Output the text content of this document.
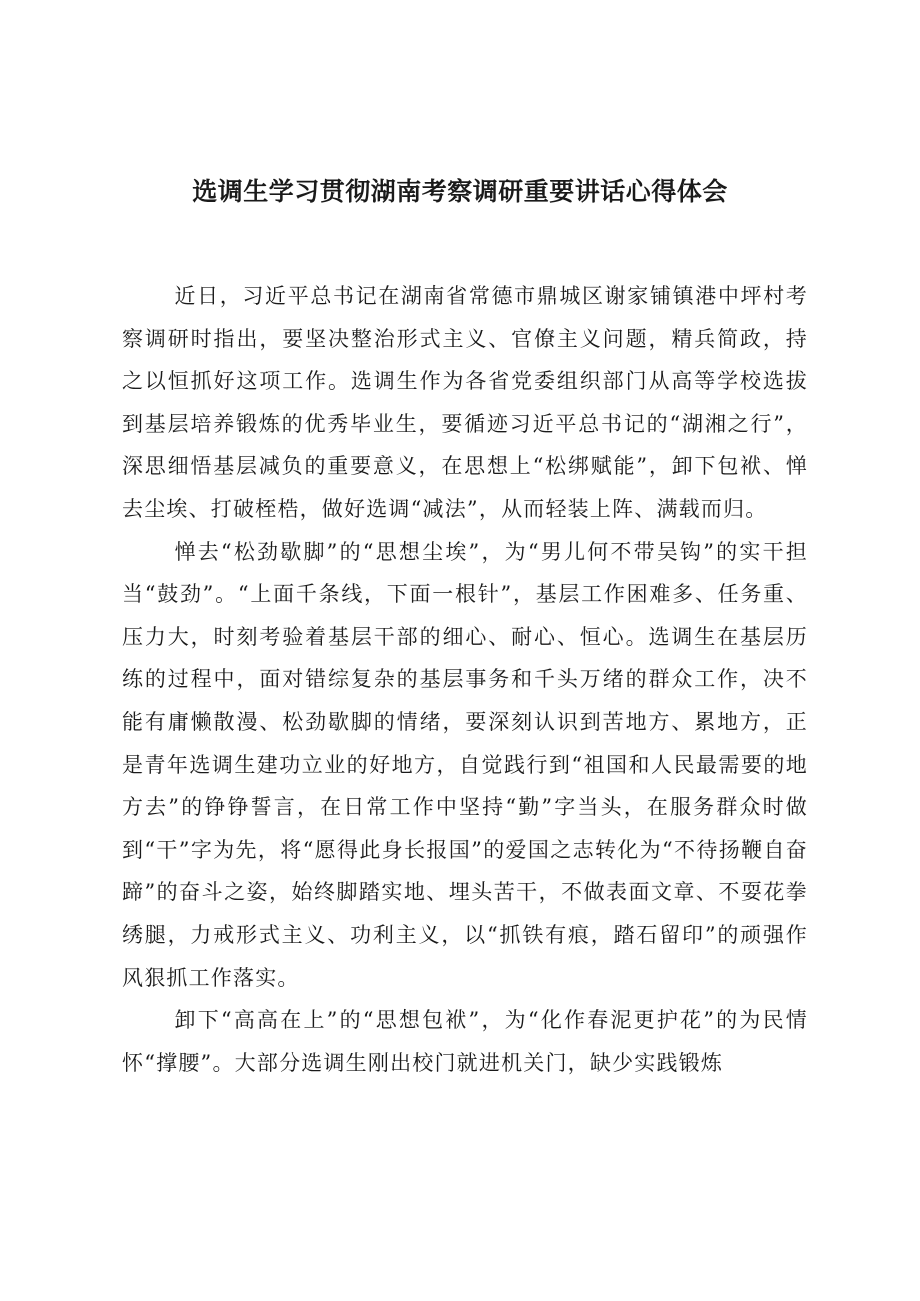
选调生学习贯彻湖南考察调研重要讲话心得体会

近日，习近平总书记在湖南省常德市鼎城区谢家铺镇港中坪村考察调研时指出，要坚决整治形式主义、官僚主义问题，精兵简政，持之以恒抓好这项工作。选调生作为各省党委组织部门从高等学校选拔到基层培养锻炼的优秀毕业生，要循迹习近平总书记的“湖湘之行”，深思细悟基层减负的重要意义，在思想上“松绑赋能”，卸下包袱、惮去尘埃、打破桎梏，做好选调“减法”，从而轻装上阵、满载而归。

惮去“松劲歇脚”的“思想尘埃”，为“男儿何不带吴钩”的实干担当“鼓劲”。“上面千条线，下面一根针”，基层工作困难多、任务重、压力大，时刻考验着基层干部的细心、耐心、恒心。选调生在基层历练的过程中，面对错综复杂的基层事务和千头万绪的群众工作，决不能有庸懒散漫、松劲歇脚的情绪，要深刻认识到苦地方、累地方，正是青年选调生建功立业的好地方，自觉践行到“祖国和人民最需要的地方去”的铮铮誓言，在日常工作中坚持“勤”字当头，在服务群众时做到“干”字为先，将“愿得此身长报国”的爱国之志转化为“不待扬鞭自奋蹄”的奋斗之姿，始终脚踏实地、埋头苦干，不做表面文章、不耍花拳绣腿，力戒形式主义、功利主义，以“抓铁有痕，踏石留印”的顽强作风狠抓工作落实。

卸下“高高在上”的“思想包袱”，为“化作春泥更护花”的为民情怀“撑腰”。大部分选调生刚出校门就进机关门，缺少实践锻炼
